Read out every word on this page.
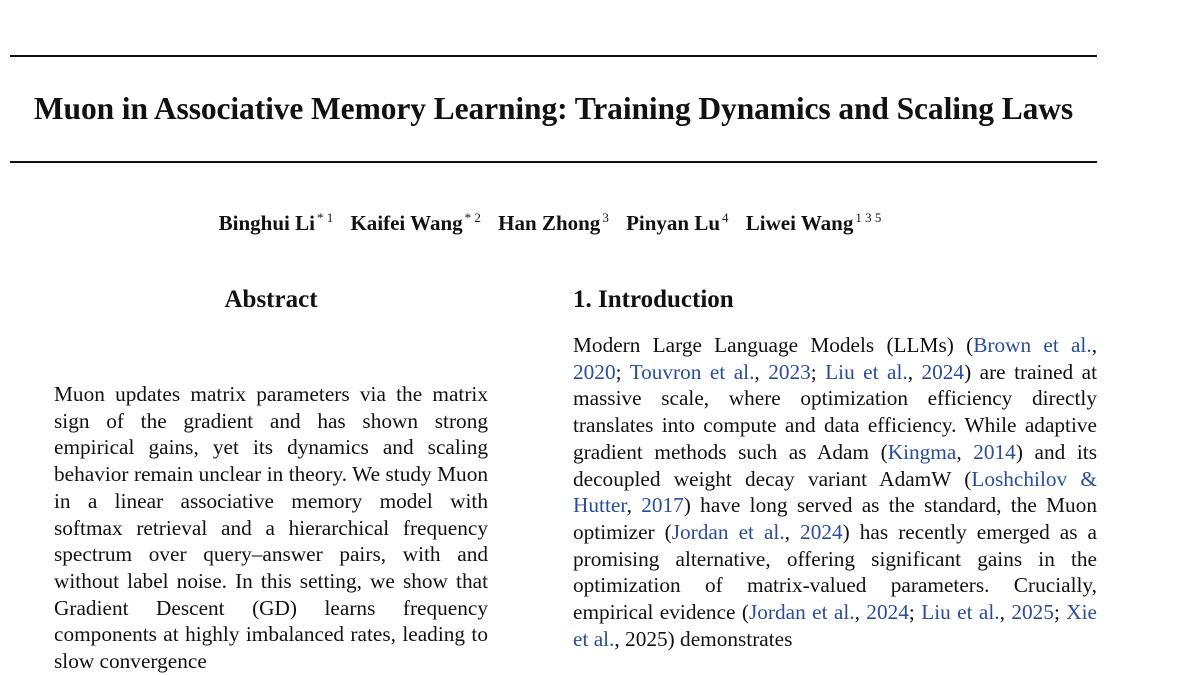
Muon in Associative Memory Learning: Training Dynamics and Scaling Laws
Binghui Li $^{* 1}$ Kaifei Wang $^{* 2}$ Han Zhong $^3$ Pinyan Lu $^4$ Liwei Wang $^{1 3 5}$
Abstract

Muon updates matrix parameters via the matrix sign of the gradient and has shown strong empirical gains, yet its dynamics and scaling behavior remain unclear in theory. We study Muon in a linear associative memory model with softmax retrieval and a hierarchical frequency spectrum over query–answer pairs, with and without label noise. In this setting, we show that Gradient Descent (GD) learns frequency components at highly imbalanced rates, leading to slow convergence

1. Introduction

Modern Large Language Models (LLMs) (Brown et al., 2020; Touvron et al., 2023; Liu et al., 2024) are trained at massive scale, where optimization efficiency directly translates into compute and data efficiency. While adaptive gradient methods such as Adam (Kingma, 2014) and its decoupled weight decay variant AdamW (Loshchilov & Hutter, 2017) have long served as the standard, the Muon optimizer (Jordan et al., 2024) has recently emerged as a promising alternative, offering significant gains in the optimization of matrix-valued parameters. Crucially, empirical evidence (Jordan et al., 2024; Liu et al., 2025; Xie et al., 2025) demonstrates
